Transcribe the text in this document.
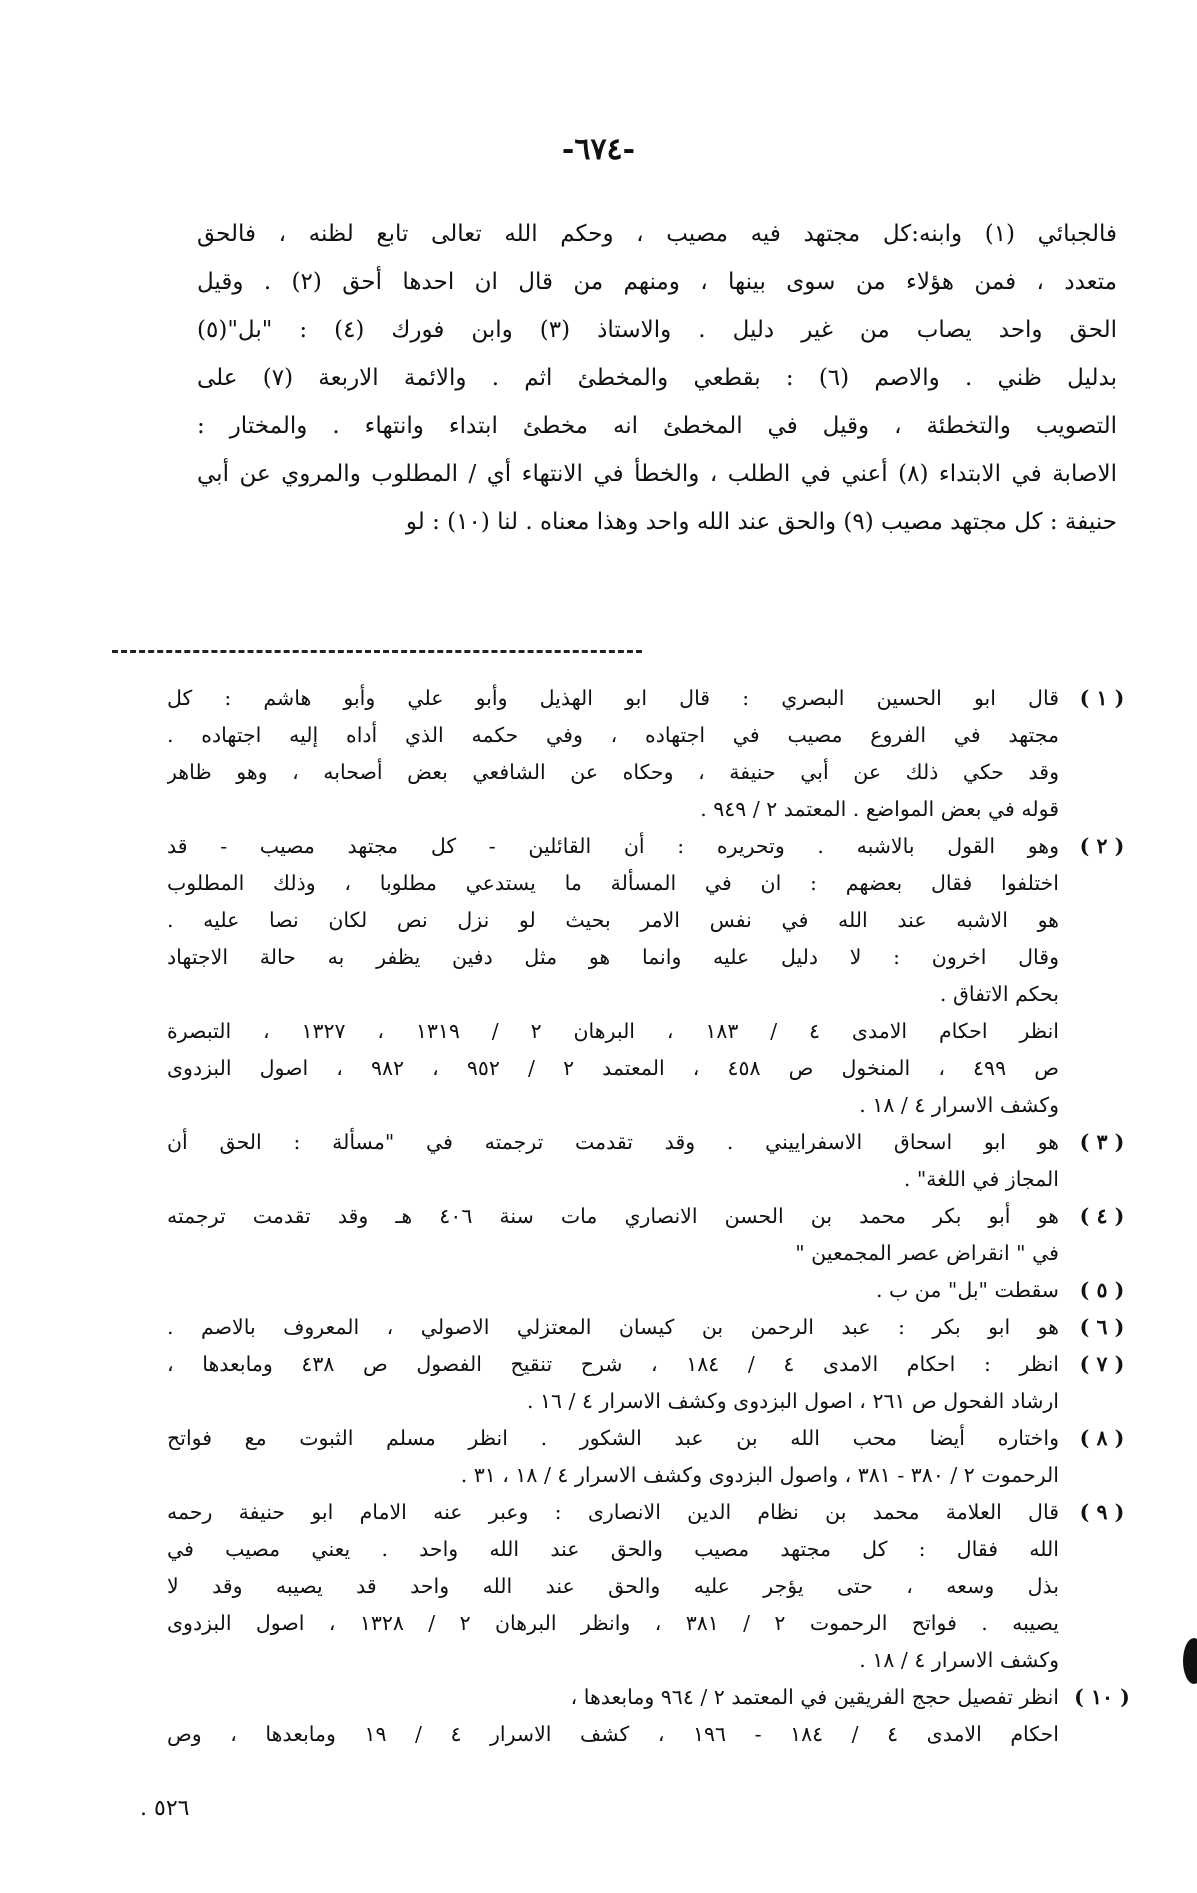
-٦٧٤-
فالجبائي (١) وابنه:كل مجتهد فيه مصيب ، وحكم الله تعالى تابع لظنه ، فالحق
متعدد ، فمن هؤلاء من سوى بينها ، ومنهم من قال ان احدها أحق (٢) . وقيل
الحق واحد يصاب من غير دليل . والاستاذ (٣) وابن فورك (٤) : "بل"(٥)
بدليل ظني . والاصم (٦) : بقطعي والمخطئ اثم . والائمة الاربعة (٧) على
التصويب والتخطئة ، وقيل في المخطئ انه مخطئ ابتداء وانتهاء . والمختار :
الاصابة في الابتداء (٨) أعني في الطلب ، والخطأ في الانتهاء أي / المطلوب والمروي عن أبي
حنيفة : كل مجتهد مصيب (٩) والحق عند الله واحد وهذا معناه . لنا (١٠) : لو
( ١ )
قال ابو الحسين البصري : قال ابو الهذيل وأبو علي وأبو هاشم : كل
مجتهد في الفروع مصيب في اجتهاده ، وفي حكمه الذي أداه إليه اجتهاده .
وقد حكي ذلك عن أبي حنيفة ، وحكاه عن الشافعي بعض أصحابه ، وهو ظاهر
قوله في بعض المواضع . المعتمد ٢ / ٩٤٩ .
( ٢ )
وهو القول بالاشبه . وتحريره : أن القائلين - كل مجتهد مصيب - قد
اختلفوا فقال بعضهم : ان في المسألة ما يستدعي مطلوبا ، وذلك المطلوب
هو الاشبه عند الله في نفس الامر بحيث لو نزل نص لكان نصا عليه .
وقال اخرون : لا دليل عليه وانما هو مثل دفين يظفر به حالة الاجتهاد
بحكم الاتفاق .
انظر احكام الامدى ٤ / ١٨٣ ، البرهان ٢ / ١٣١٩ ، ١٣٢٧ ، التبصرة
ص ٤٩٩ ، المنخول ص ٤٥٨ ، المعتمد ٢ / ٩٥٢ ، ٩٨٢ ، اصول البزدوى
وكشف الاسرار ٤ / ١٨ .
( ٣ )
هو ابو اسحاق الاسفراييني . وقد تقدمت ترجمته في "مسألة : الحق أن
المجاز في اللغة" .
( ٤ )
هو أبو بكر محمد بن الحسن الانصاري مات سنة ٤٠٦ هـ وقد تقدمت ترجمته
في " انقراض عصر المجمعين "
( ٥ )
سقطت "بل" من ب .
( ٦ )
هو ابو بكر : عبد الرحمن بن كيسان المعتزلي الاصولي ، المعروف بالاصم .
( ٧ )
انظر : احكام الامدى ٤ / ١٨٤ ، شرح تنقيح الفصول ص ٤٣٨ ومابعدها ،
ارشاد الفحول ص ٢٦١ ، اصول البزدوى وكشف الاسرار ٤ / ١٦ .
( ٨ )
واختاره أيضا محب الله بن عبد الشكور . انظر مسلم الثبوت مع فواتح
الرحموت ٢ / ٣٨٠ - ٣٨١ ، واصول البزدوى وكشف الاسرار ٤ / ١٨ ، ٣١ .
( ٩ )
قال العلامة محمد بن نظام الدين الانصارى : وعبر عنه الامام ابو حنيفة رحمه
الله فقال : كل مجتهد مصيب والحق عند الله واحد . يعني مصيب في
بذل وسعه ، حتى يؤجر عليه والحق عند الله واحد قد يصيبه وقد لا
يصيبه . فواتح الرحموت ٢ / ٣٨١ ، وانظر البرهان ٢ / ١٣٢٨ ، اصول البزدوى
وكشف الاسرار ٤ / ١٨ .
( ١٠ )
انظر تفصيل حجج الفريقين في المعتمد ٢ / ٩٦٤ ومابعدها ،
احكام الامدى ٤ / ١٨٤ - ١٩٦ ، كشف الاسرار ٤ / ١٩ ومابعدها ، وص
٥٢٦ .
